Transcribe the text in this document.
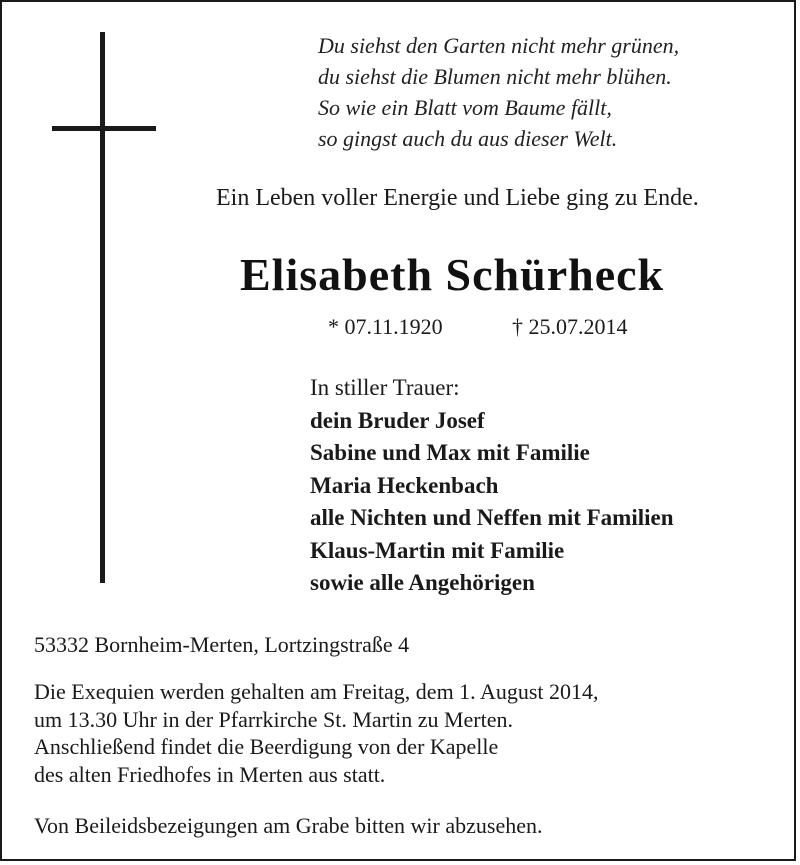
Du siehst den Garten nicht mehr grünen,
du siehst die Blumen nicht mehr blühen.
So wie ein Blatt vom Baume fällt,
so gingst auch du aus dieser Welt.
Ein Leben voller Energie und Liebe ging zu Ende.
Elisabeth Schürheck
* 07.11.1920	† 25.07.2014
In stiller Trauer:
dein Bruder Josef
Sabine und Max mit Familie
Maria Heckenbach
alle Nichten und Neffen mit Familien
Klaus-Martin mit Familie
sowie alle Angehörigen
53332 Bornheim-Merten, Lortzingstraße 4
Die Exequien werden gehalten am Freitag, dem 1. August 2014,
um 13.30 Uhr in der Pfarrkirche St. Martin zu Merten.
Anschließend findet die Beerdigung von der Kapelle
des alten Friedhofes in Merten aus statt.
Von Beileidsbezeigungen am Grabe bitten wir abzusehen.
